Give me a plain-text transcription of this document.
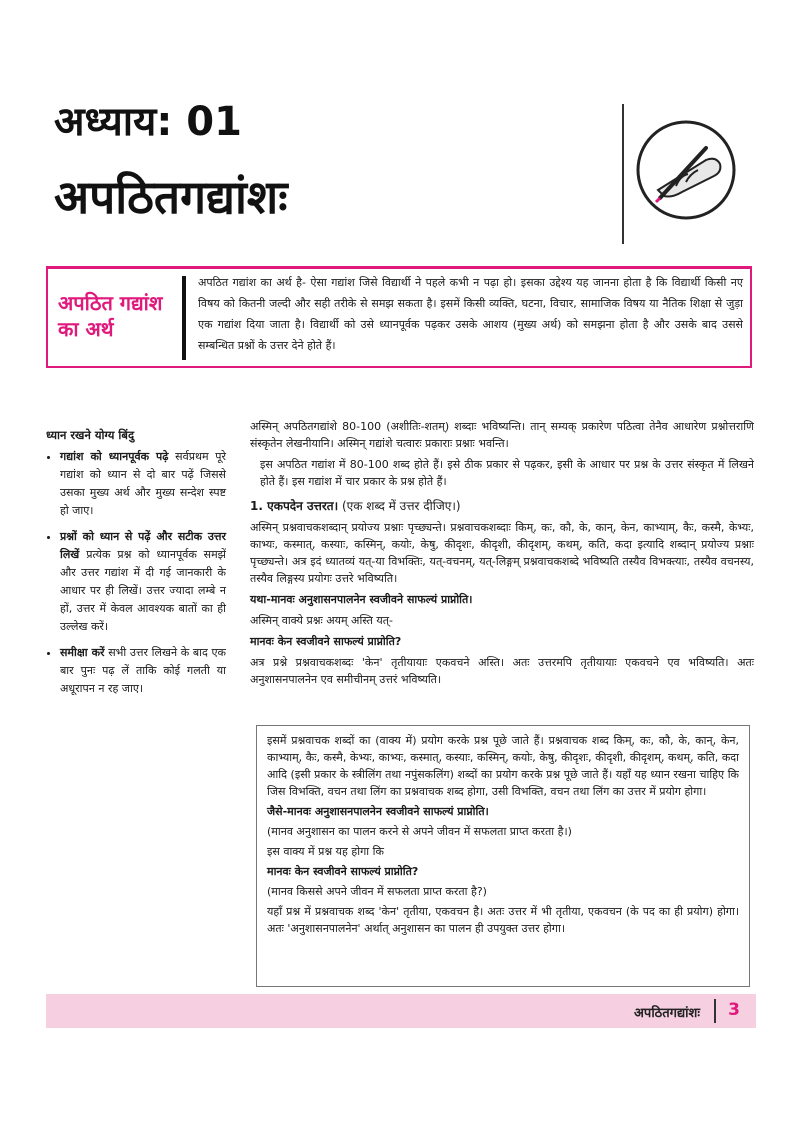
अध्याय: 01
अपठितगद्यांशः
अपठित गद्यांश का अर्थ
अपठित गद्यांश का अर्थ है- ऐसा गद्यांश जिसे विद्यार्थी ने पहले कभी न पढ़ा हो। इसका उद्देश्य यह जानना होता है कि विद्यार्थी किसी नए विषय को कितनी जल्दी और सही तरीके से समझ सकता है। इसमें किसी व्यक्ति, घटना, विचार, सामाजिक विषय या नैतिक शिक्षा से जुड़ा एक गद्यांश दिया जाता है। विद्यार्थी को उसे ध्यानपूर्वक पढ़कर उसके आशय (मुख्य अर्थ) को समझना होता है और उसके बाद उससे सम्बन्धित प्रश्नों के उत्तर देने होते हैं।
ध्यान रखने योग्य बिंदु
• गद्यांश को ध्यानपूर्वक पढ़े सर्वप्रथम पूरे गद्यांश को ध्यान से दो बार पढ़ें जिससे उसका मुख्य अर्थ और मुख्य सन्देश स्पष्ट हो जाए।
• प्रश्नों को ध्यान से पढ़ें और सटीक उत्तर लिखें प्रत्येक प्रश्न को ध्यानपूर्वक समझें और उत्तर गद्यांश में दी गई जानकारी के आधार पर ही लिखें। उत्तर ज्यादा लम्बे न हों, उत्तर में केवल आवश्यक बातों का ही उल्लेख करें।
• समीक्षा करें सभी उत्तर लिखने के बाद एक बार पुनः पढ़ लें ताकि कोई गलती या अधूरापन न रह जाए।

अस्मिन् अपठितगद्यांशे 80-100 (अशीतिः-शतम्) शब्दाः भविष्यन्ति। तान् सम्यक् प्रकारेण पठित्वा तेनैव आधारेण प्रश्नोत्तराणि संस्कृतेन लेखनीयानि। अस्मिन् गद्यांशे चत्वारः प्रकाराः प्रश्नाः भवन्ति।

इस अपठित गद्यांश में 80-100 शब्द होते हैं। इसे ठीक प्रकार से पढ़कर, इसी के आधार पर प्रश्न के उत्तर संस्कृत में लिखने होते हैं। इस गद्यांश में चार प्रकार के प्रश्न होते हैं।

1. एकपदेन उत्तरत। (एक शब्द में उत्तर दीजिए।)

अस्मिन् प्रश्नवाचकशब्दान् प्रयोज्य प्रश्नाः पृच्छ्यन्ते। प्रश्नवाचकशब्दाः किम्, कः, कौ, के, कान्, केन, काभ्याम्, कैः, कस्मै, केभ्यः, काभ्यः, कस्मात्, कस्याः, कस्मिन्, कयोः, केषु, कीदृशः, कीदृशी, कीदृशम्, कथम्, कति, कदा इत्यादि शब्दान् प्रयोज्य प्रश्नाः पृच्छ्यन्ते। अत्र इदं ध्यातव्यं यत्-या विभक्तिः, यत्-वचनम्, यत्-लिङ्गम् प्रश्नवाचकशब्दे भविष्यति तस्यैव विभक्त्याः, तस्यैव वचनस्य, तस्यैव लिङ्गस्य प्रयोगः उत्तरे भविष्यति।

यथा-मानवः अनुशासनपालनेन स्वजीवने साफल्यं प्राप्नोति।

अस्मिन् वाक्ये प्रश्नः अयम् अस्ति यत्-

मानवः केन स्वजीवने साफल्यं प्राप्नोति?

अत्र प्रश्ने प्रश्नवाचकशब्दः 'केन' तृतीयायाः एकवचने अस्ति। अतः उत्तरमपि तृतीयायाः एकवचने एव भविष्यति। अतः अनुशासनपालनेन एव समीचीनम् उत्तरं भविष्यति।

इसमें प्रश्नवाचक शब्दों का (वाक्य में) प्रयोग करके प्रश्न पूछे जाते हैं। प्रश्नवाचक शब्द किम्, कः, कौ, के, कान्, केन, काभ्याम्, कैः, कस्मै, केभ्यः, काभ्यः, कस्मात्, कस्याः, कस्मिन्, कयोः, केषु, कीदृशः, कीदृशी, कीदृशम्, कथम्, कति, कदा आदि (इसी प्रकार के स्त्रीलिंग तथा नपुंसकलिंग) शब्दों का प्रयोग करके प्रश्न पूछे जाते हैं। यहाँ यह ध्यान रखना चाहिए कि जिस विभक्ति, वचन तथा लिंग का प्रश्नवाचक शब्द होगा, उसी विभक्ति, वचन तथा लिंग का उत्तर में प्रयोग होगा।

जैसे-मानवः अनुशासनपालनेन स्वजीवने साफल्यं प्राप्नोति।

(मानव अनुशासन का पालन करने से अपने जीवन में सफलता प्राप्त करता है।)

इस वाक्य में प्रश्न यह होगा कि

मानवः केन स्वजीवने साफल्यं प्राप्नोति?

(मानव किससे अपने जीवन में सफलता प्राप्त करता है?)

यहाँ प्रश्न में प्रश्नवाचक शब्द 'केन' तृतीया, एकवचन है। अतः उत्तर में भी तृतीया, एकवचन (के पद का ही प्रयोग) होगा। अतः 'अनुशासनपालनेन' अर्थात् अनुशासन का पालन ही उपयुक्त उत्तर होगा।

अपठितगद्यांशः 3
